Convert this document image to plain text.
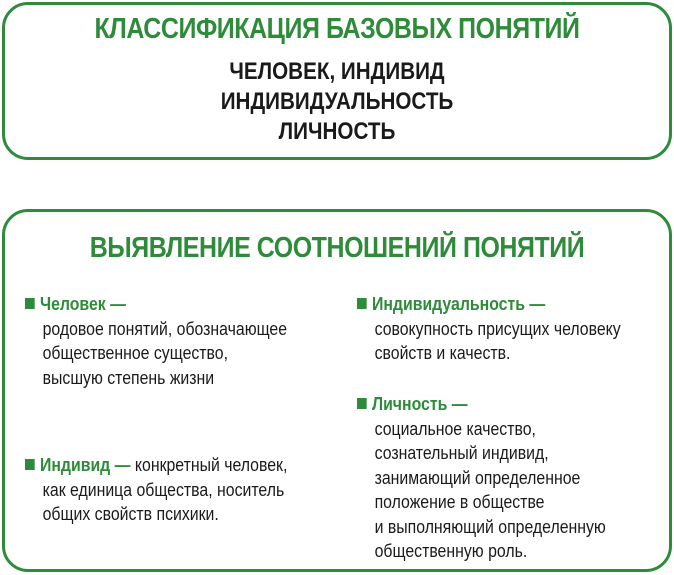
КЛАССИФИКАЦИЯ БАЗОВЫХ ПОНЯТИЙ
ЧЕЛОВЕК, ИНДИВИД
ИНДИВИДУАЛЬНОСТЬ
ЛИЧНОСТЬ
ВЫЯВЛЕНИЕ СООТНОШЕНИЙ ПОНЯТИЙ
Человек —
родовое понятий, обозначающее
общественное существо,
высшую степень жизни
Индивид — конкретный человек,
как единица общества, носитель
общих свойств психики.
Индивидуальность —
совокупность присущих человеку
свойств и качеств.
Личность —
социальное качество,
сознательный индивид,
занимающий определенное
положение в обществе
и выполняющий определенную
общественную роль.
